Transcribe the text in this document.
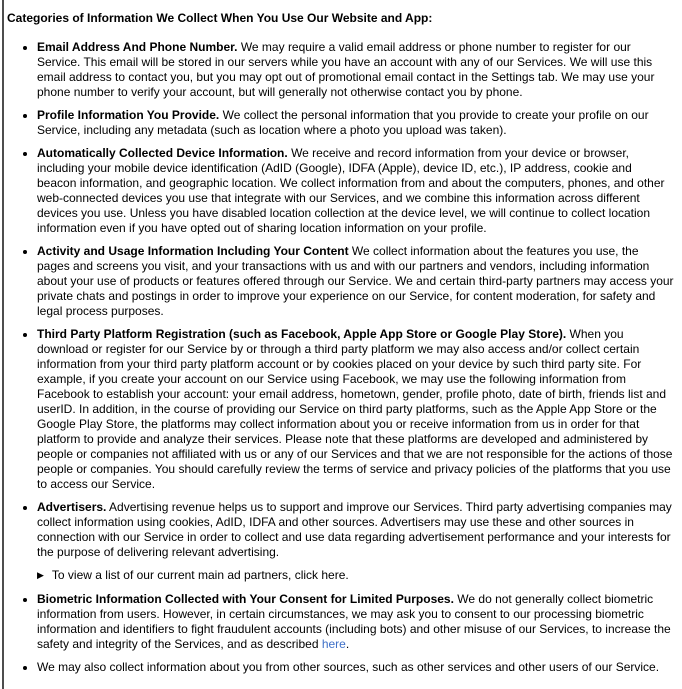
Categories of Information We Collect When You Use Our Website and App:
• Email Address And Phone Number. We may require a valid email address or phone number to register for our Service. This email will be stored in our servers while you have an account with any of our Services. We will use this email address to contact you, but you may opt out of promotional email contact in the Settings tab. We may use your phone number to verify your account, but will generally not otherwise contact you by phone.
• Profile Information You Provide. We collect the personal information that you provide to create your profile on our Service, including any metadata (such as location where a photo you upload was taken).
• Automatically Collected Device Information. We receive and record information from your device or browser, including your mobile device identification (AdID (Google), IDFA (Apple), device ID, etc.), IP address, cookie and beacon information, and geographic location. We collect information from and about the computers, phones, and other web-connected devices you use that integrate with our Services, and we combine this information across different devices you use. Unless you have disabled location collection at the device level, we will continue to collect location information even if you have opted out of sharing location information on your profile.
• Activity and Usage Information Including Your Content We collect information about the features you use, the pages and screens you visit, and your transactions with us and with our partners and vendors, including information about your use of products or features offered through our Service. We and certain third-party partners may access your private chats and postings in order to improve your experience on our Service, for content moderation, for safety and legal process purposes.
• Third Party Platform Registration (such as Facebook, Apple App Store or Google Play Store). When you download or register for our Service by or through a third party platform we may also access and/or collect certain information from your third party platform account or by cookies placed on your device by such third party site. For example, if you create your account on our Service using Facebook, we may use the following information from Facebook to establish your account: your email address, hometown, gender, profile photo, date of birth, friends list and userID. In addition, in the course of providing our Service on third party platforms, such as the Apple App Store or the Google Play Store, the platforms may collect information about you or receive information from us in order for that platform to provide and analyze their services. Please note that these platforms are developed and administered by people or companies not affiliated with us or any of our Services and that we are not responsible for the actions of those people or companies. You should carefully review the terms of service and privacy policies of the platforms that you use to access our Service.
• Advertisers. Advertising revenue helps us to support and improve our Services. Third party advertising companies may collect information using cookies, AdID, IDFA and other sources. Advertisers may use these and other sources in connection with our Service in order to collect and use data regarding advertisement performance and your interests for the purpose of delivering relevant advertising.
▶ To view a list of our current main ad partners, click here.
• Biometric Information Collected with Your Consent for Limited Purposes. We do not generally collect biometric information from users. However, in certain circumstances, we may ask you to consent to our processing biometric information and identifiers to fight fraudulent accounts (including bots) and other misuse of our Services, to increase the safety and integrity of the Services, and as described here.
• We may also collect information about you from other sources, such as other services and other users of our Service.
